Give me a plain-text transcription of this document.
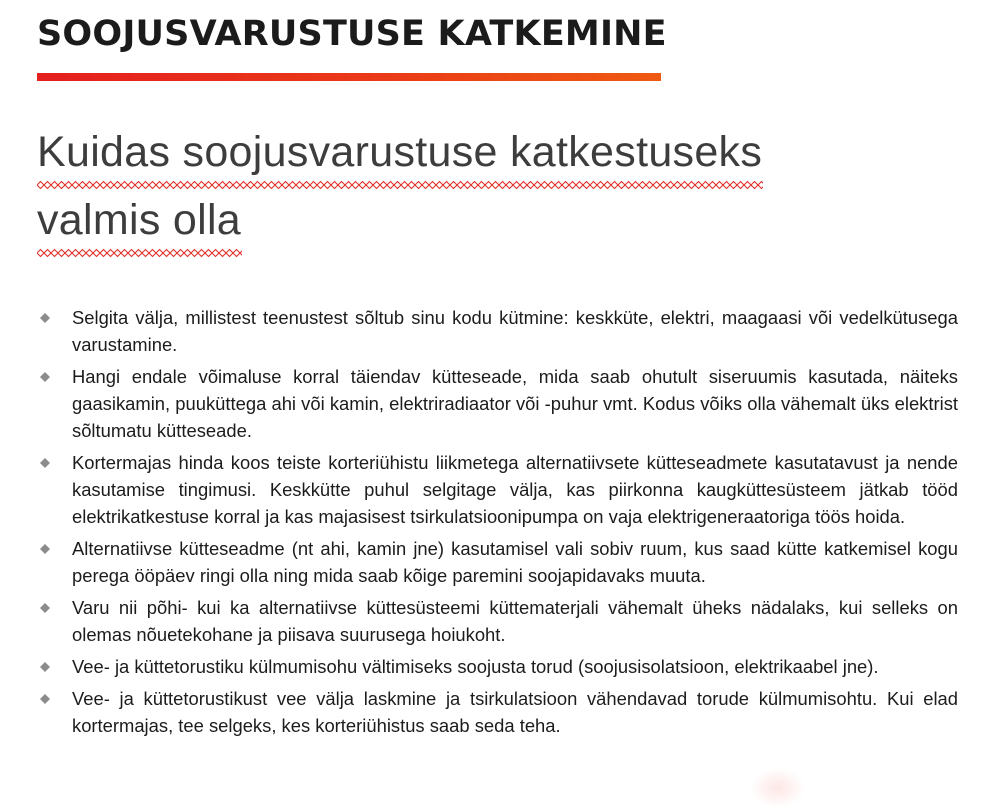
SOOJUSVARUSTUSE KATKEMINE
Kuidas soojusvarustuse katkestuseks
valmis olla
Selgita välja, millistest teenustest sõltub sinu kodu kütmine: keskküte, elektri, maagaasi või vedelkütusega varustamine.
Hangi endale võimaluse korral täiendav kütteseade, mida saab ohutult siseruumis kasutada, näiteks gaasikamin, puuküttega ahi või kamin, elektriradiaator või -puhur vmt. Kodus võiks olla vähemalt üks elektrist sõltumatu kütteseade.
Kortermajas hinda koos teiste korteriühistu liikmetega alternatiivsete kütteseadmete kasutatavust ja nende kasutamise tingimusi. Keskkütte puhul selgitage välja, kas piirkonna kaugküttesüsteem jätkab tööd elektrikatkestuse korral ja kas majasisest tsirkulatsioonipumpa on vaja elektrigeneraatoriga töös hoida.
Alternatiivse kütteseadme (nt ahi, kamin jne) kasutamisel vali sobiv ruum, kus saad kütte katkemisel kogu perega ööpäev ringi olla ning mida saab kõige paremini soojapidavaks muuta.
Varu nii põhi- kui ka alternatiivse küttesüsteemi küttematerjali vähemalt üheks nädalaks, kui selleks on olemas nõuetekohane ja piisava suurusega hoiukoht.
Vee- ja küttetorustiku külmumisohu vältimiseks soojusta torud (soojusisolatsioon, elektrikaabel jne).
Vee- ja küttetorustikust vee välja laskmine ja tsirkulatsioon vähendavad torude külmumisohtu. Kui elad kortermajas, tee selgeks, kes korteriühistus saab seda teha.
